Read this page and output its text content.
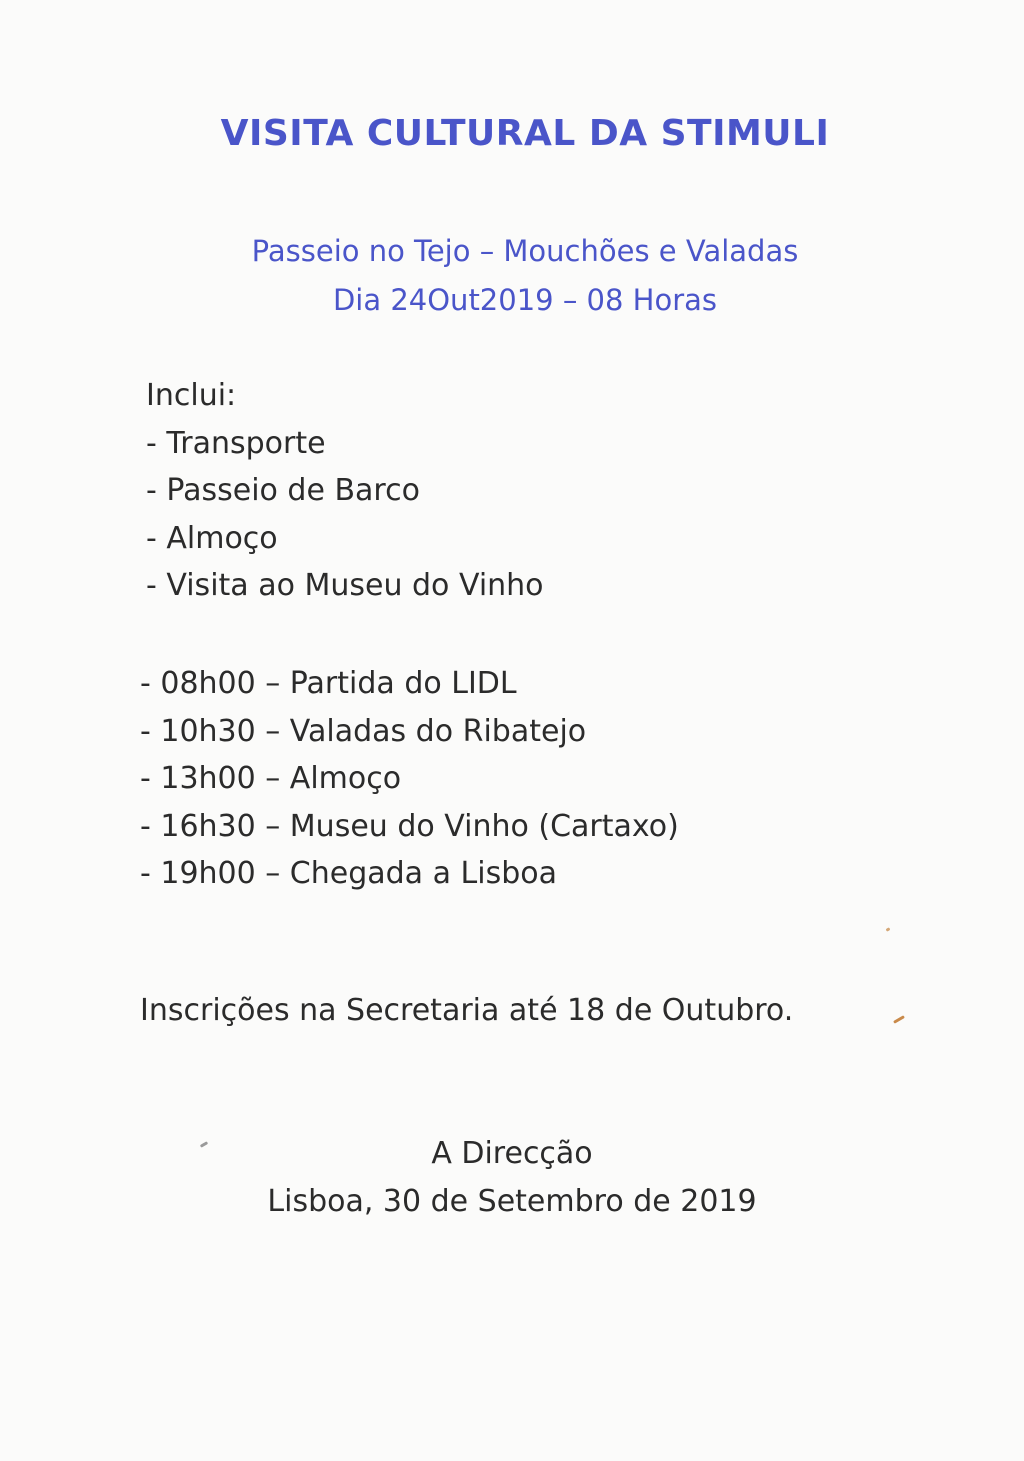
VISITA CULTURAL DA STIMULI
Passeio no Tejo – Mouchões e Valadas
Dia 24Out2019 – 08 Horas
Inclui:
- Transporte
- Passeio de Barco
- Almoço
- Visita ao Museu do Vinho
- 08h00 – Partida do LIDL
- 10h30 – Valadas do Ribatejo
- 13h00 – Almoço
- 16h30 – Museu do Vinho (Cartaxo)
- 19h00 – Chegada a Lisboa
Inscrições na Secretaria até 18 de Outubro.
A Direcção
Lisboa, 30 de Setembro de 2019
